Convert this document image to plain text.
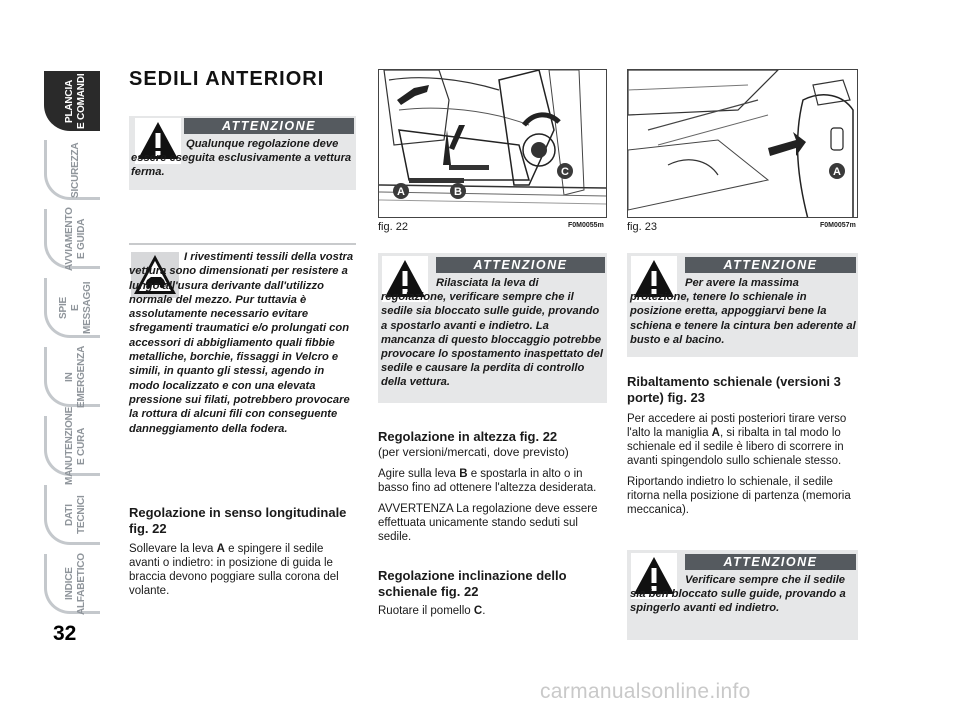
PLANCIA
E COMANDI
SICUREZZA
AVVIAMENTO
E GUIDA
SPIE
E MESSAGGI
IN
EMERGENZA
MANUTENZIONE
E CURA
DATI TECNICI
INDICE
ALFABETICO
32
SEDILI ANTERIORI
ATTENZIONE
Qualunque regolazione deve essere eseguita esclusivamente a vettura ferma.
I rivestimenti tessili della vostra vettura sono dimensionati per resistere a lungo all'usura derivante dall'utilizzo normale del mezzo. Pur tuttavia è assolutamente necessario evitare sfregamenti traumatici e/o prolungati con accessori di abbigliamento quali fibbie metalliche, borchie, fissaggi in Velcro e simili, in quanto gli stessi, agendo in modo localizzato e con una elevata pressione sui filati, potrebbero provocare la rottura di alcuni fili con conseguente danneggiamento della fodera.
Regolazione in senso longitudinale fig. 22
Sollevare la leva A e spingere il sedile avanti o indietro: in posizione di guida le braccia devono poggiare sulla corona del volante.
A	B
C
fig. 22	F0M0055m
ATTENZIONE
Rilasciata la leva di regolazione, verificare sempre che il sedile sia bloccato sulle guide, provando a spostarlo avanti e indietro. La mancanza di questo bloccaggio potrebbe provocare lo spostamento inaspettato del sedile e causare la perdita di controllo della vettura.
Regolazione in altezza fig. 22
(per versioni/mercati, dove previsto)
Agire sulla leva B e spostarla in alto o in basso fino ad ottenere l'altezza desiderata.
AVVERTENZA La regolazione deve essere effettuata unicamente stando seduti sul sedile.
Regolazione inclinazione dello schienale fig. 22
Ruotare il pomello C.
A
fig. 23	F0M0057m
ATTENZIONE
Per avere la massima protezione, tenere lo schienale in posizione eretta, appoggiarvi bene la schiena e tenere la cintura ben aderente al busto e al bacino.
Ribaltamento schienale (versioni 3 porte) fig. 23
Per accedere ai posti posteriori tirare verso l'alto la maniglia A, si ribalta in tal modo lo schienale ed il sedile è libero di scorrere in avanti spingendolo sullo schienale stesso.
Riportando indietro lo schienale, il sedile ritorna nella posizione di partenza (memoria meccanica).
ATTENZIONE
Verificare sempre che il sedile sia ben bloccato sulle guide, provando a spingerlo avanti ed indietro.
carmanualsonline.info
